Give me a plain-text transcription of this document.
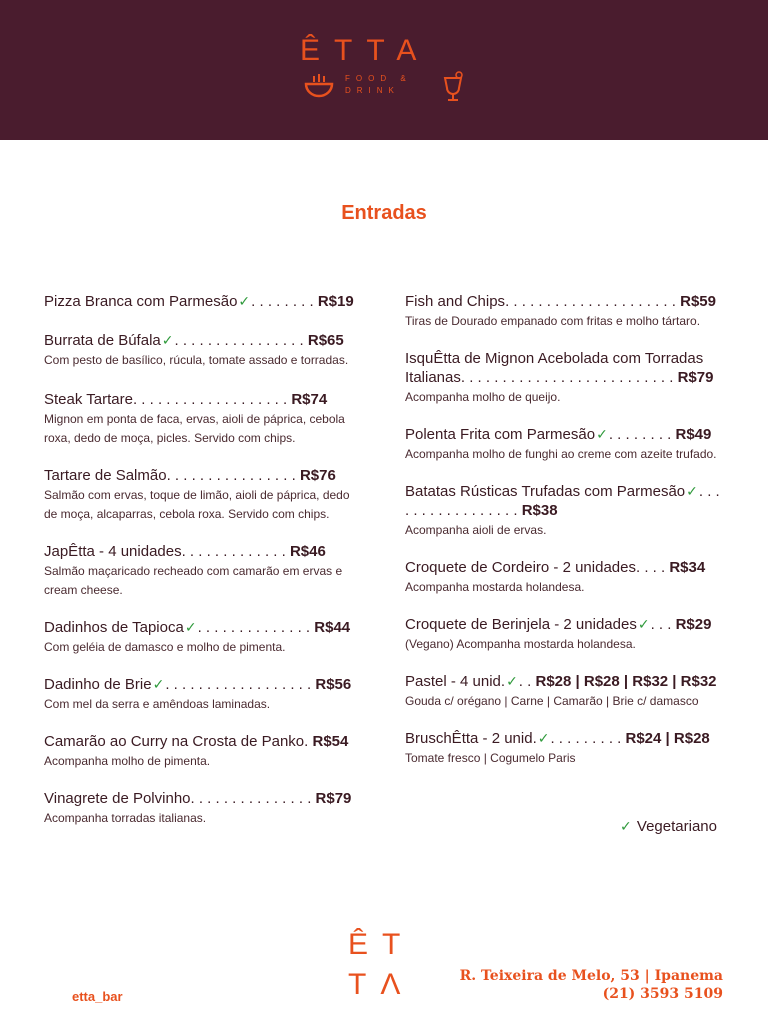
ÊTTA
FOOD &
DRINK
Entradas
Pizza Branca com Parmesão✓. . . . . . . . R$19
Burrata de Búfala✓. . . . . . . . . . . . . . . . R$65
Com pesto de basílico, rúcula, tomate assado e torradas.
Steak Tartare. . . . . . . . . . . . . . . . . . . R$74
Mignon em ponta de faca, ervas, aioli de páprica, cebola roxa, dedo de moça, picles. Servido com chips.
Tartare de Salmão. . . . . . . . . . . . . . . . R$76
Salmão com ervas, toque de limão, aioli de páprica, dedo de moça, alcaparras, cebola roxa. Servido com chips.
JapÊtta - 4 unidades. . . . . . . . . . . . . R$46
Salmão maçaricado recheado com camarão em ervas e cream cheese.
Dadinhos de Tapioca✓. . . . . . . . . . . . . . R$44
Com geléia de damasco e molho de pimenta.
Dadinho de Brie✓. . . . . . . . . . . . . . . . . . R$56
Com mel da serra e amêndoas laminadas.
Camarão ao Curry na Crosta de Panko. R$54
Acompanha molho de pimenta.
Vinagrete de Polvinho. . . . . . . . . . . . . . . R$79
Acompanha torradas italianas.
Fish and Chips. . . . . . . . . . . . . . . . . . . . . R$59
Tiras de Dourado empanado com fritas e molho tártaro.
IsquÊtta de Mignon Acebolada com Torradas Italianas. . . . . . . . . . . . . . . . . . . . . . . . . . R$79
Acompanha molho de queijo.
Polenta Frita com Parmesão✓. . . . . . . . R$49
Acompanha molho de funghi ao creme com azeite trufado.
Batatas Rústicas Trufadas com Parmesão✓. . . . . . . . . . . . . . . . . R$38
Acompanha aioli de ervas.
Croquete de Cordeiro - 2 unidades. . . . R$34
Acompanha mostarda holandesa.
Croquete de Berinjela - 2 unidades✓. . . R$29
(Vegano) Acompanha mostarda holandesa.
Pastel - 4 unid.✓. . R$28 | R$28 | R$32 | R$32
Gouda c/ orégano | Carne | Camarão | Brie c/ damasco
BruschÊtta - 2 unid.✓. . . . . . . . . R$24 | R$28
Tomate fresco | Cogumelo Paris
✓ Vegetariano
ÊT
TΛ
etta_bar
R. Teixeira de Melo, 53 | Ipanema
(21) 3593 5109
